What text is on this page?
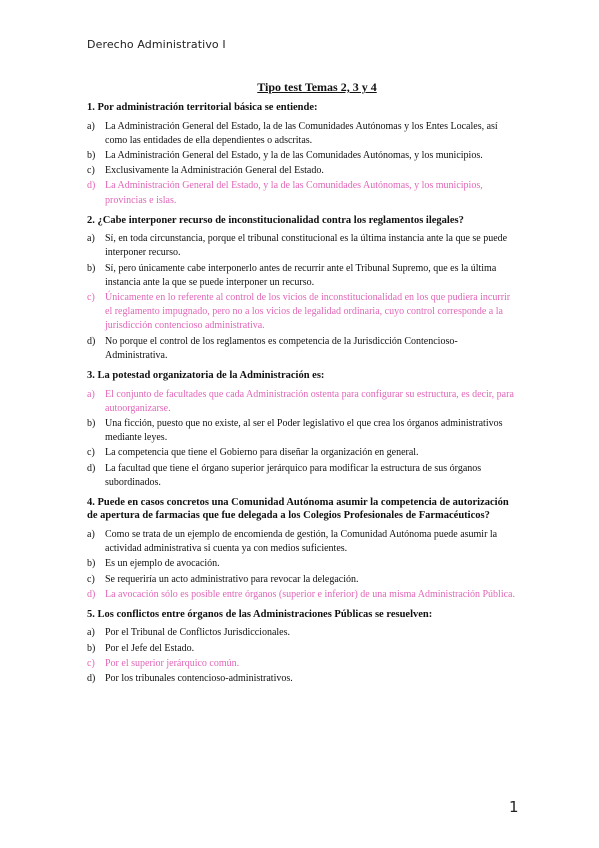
Derecho Administrativo I
Tipo test Temas 2, 3 y 4
1. Por administración territorial básica se entiende:
a)	La Administración General del Estado, la de las Comunidades Autónomas y los Entes Locales, así como las entidades de ella dependientes o adscritas.
b) La Administración General del Estado, y la de las Comunidades Autónomas, y los municipios.
c)	Exclusivamente la Administración General del Estado.
d) La Administración General del Estado, y la de las Comunidades Autónomas, y los municipios, provincias e islas.
2. ¿Cabe interponer recurso de inconstitucionalidad contra los reglamentos ilegales?
a)	Sí, en toda circunstancia, porque el tribunal constitucional es la última instancia ante la que se puede interponer recurso.
b) Sí, pero únicamente cabe interponerlo antes de recurrir ante el Tribunal Supremo, que es la última instancia ante la que se puede interponer un recurso.
c)	Únicamente en lo referente al control de los vicios de inconstitucionalidad en los que pudiera incurrir el reglamento impugnado, pero no a los vicios de legalidad ordinaria, cuyo control corresponde a la jurisdicción contencioso administrativa.
d) No porque el control de los reglamentos es competencia de la Jurisdicción Contencioso-Administrativa.
3. La potestad organizatoria de la Administración es:
a)	El conjunto de facultades que cada Administración ostenta para configurar su estructura, es decir, para autoorganizarse.
b) Una ficción, puesto que no existe, al ser el Poder legislativo el que crea los órganos administrativos mediante leyes.
c)	La competencia que tiene el Gobierno para diseñar la organización en general.
d) La facultad que tiene el órgano superior jerárquico para modificar la estructura de sus órganos subordinados.
4. Puede en casos concretos una Comunidad Autónoma asumir la competencia de autorización de apertura de farmacias que fue delegada a los Colegios Profesionales de Farmacéuticos?
a)	Como se trata de un ejemplo de encomienda de gestión, la Comunidad Autónoma puede asumir la actividad administrativa si cuenta ya con medios suficientes.
b) Es un ejemplo de avocación.
c)	Se requeriría un acto administrativo para revocar la delegación.
d) La avocación sólo es posible entre órganos (superior e inferior) de una misma Administración Pública.
5. Los conflictos entre órganos de las Administraciones Públicas se resuelven:
a)	Por el Tribunal de Conflictos Jurisdiccionales.
b) Por el Jefe del Estado.
c)	Por el superior jerárquico común.
d) Por los tribunales contencioso-administrativos.
1
